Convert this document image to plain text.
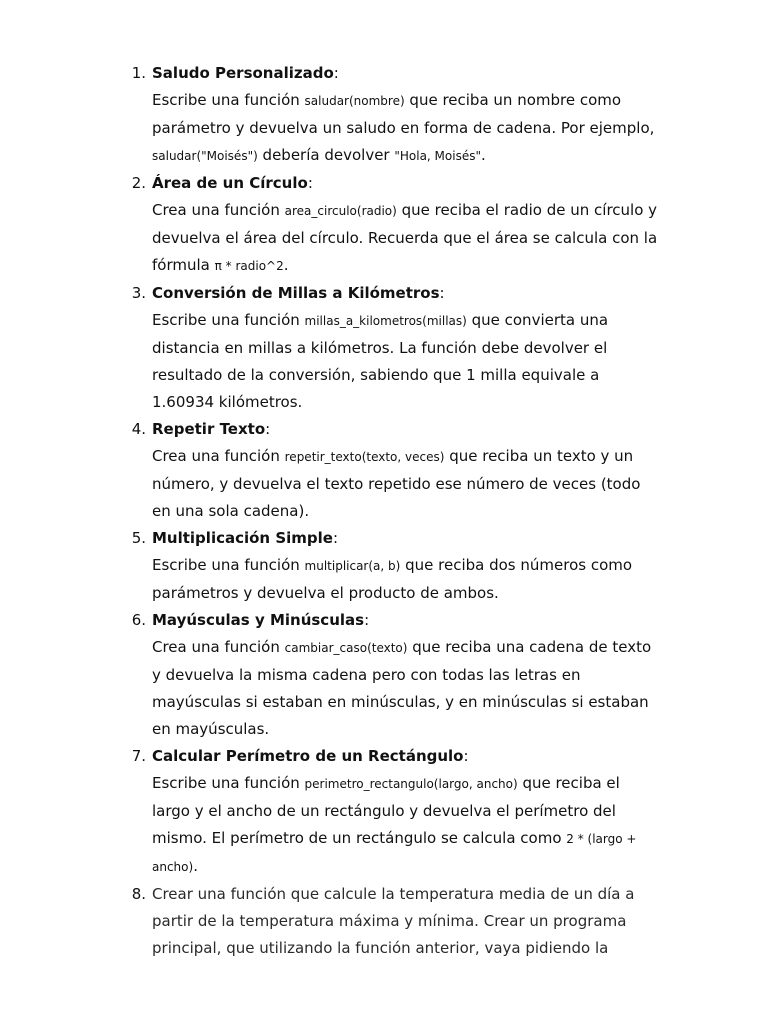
1. Saludo Personalizado:

Escribe una función saludar(nombre) que reciba un nombre como parámetro y devuelva un saludo en forma de cadena. Por ejemplo, saludar("Moisés") debería devolver "Hola, Moisés".

2. Área de un Círculo:

Crea una función area_circulo(radio) que reciba el radio de un círculo y devuelva el área del círculo. Recuerda que el área se calcula con la fórmula π * radio^2.

3. Conversión de Millas a Kilómetros:

Escribe una función millas_a_kilometros(millas) que convierta una distancia en millas a kilómetros. La función debe devolver el resultado de la conversión, sabiendo que 1 milla equivale a 1.60934 kilómetros.

4. Repetir Texto:

Crea una función repetir_texto(texto, veces) que reciba un texto y un número, y devuelva el texto repetido ese número de veces (todo en una sola cadena).

5. Multiplicación Simple:

Escribe una función multiplicar(a, b) que reciba dos números como parámetros y devuelva el producto de ambos.

6. Mayúsculas y Minúsculas:

Crea una función cambiar_caso(texto) que reciba una cadena de texto y devuelva la misma cadena pero con todas las letras en mayúsculas si estaban en minúsculas, y en minúsculas si estaban en mayúsculas.

7. Calcular Perímetro de un Rectángulo:

Escribe una función perimetro_rectangulo(largo, ancho) que reciba el largo y el ancho de un rectángulo y devuelva el perímetro del mismo. El perímetro de un rectángulo se calcula como 2 * (largo + ancho).

8. Crear una función que calcule la temperatura media de un día a partir de la temperatura máxima y mínima. Crear un programa principal, que utilizando la función anterior, vaya pidiendo la
